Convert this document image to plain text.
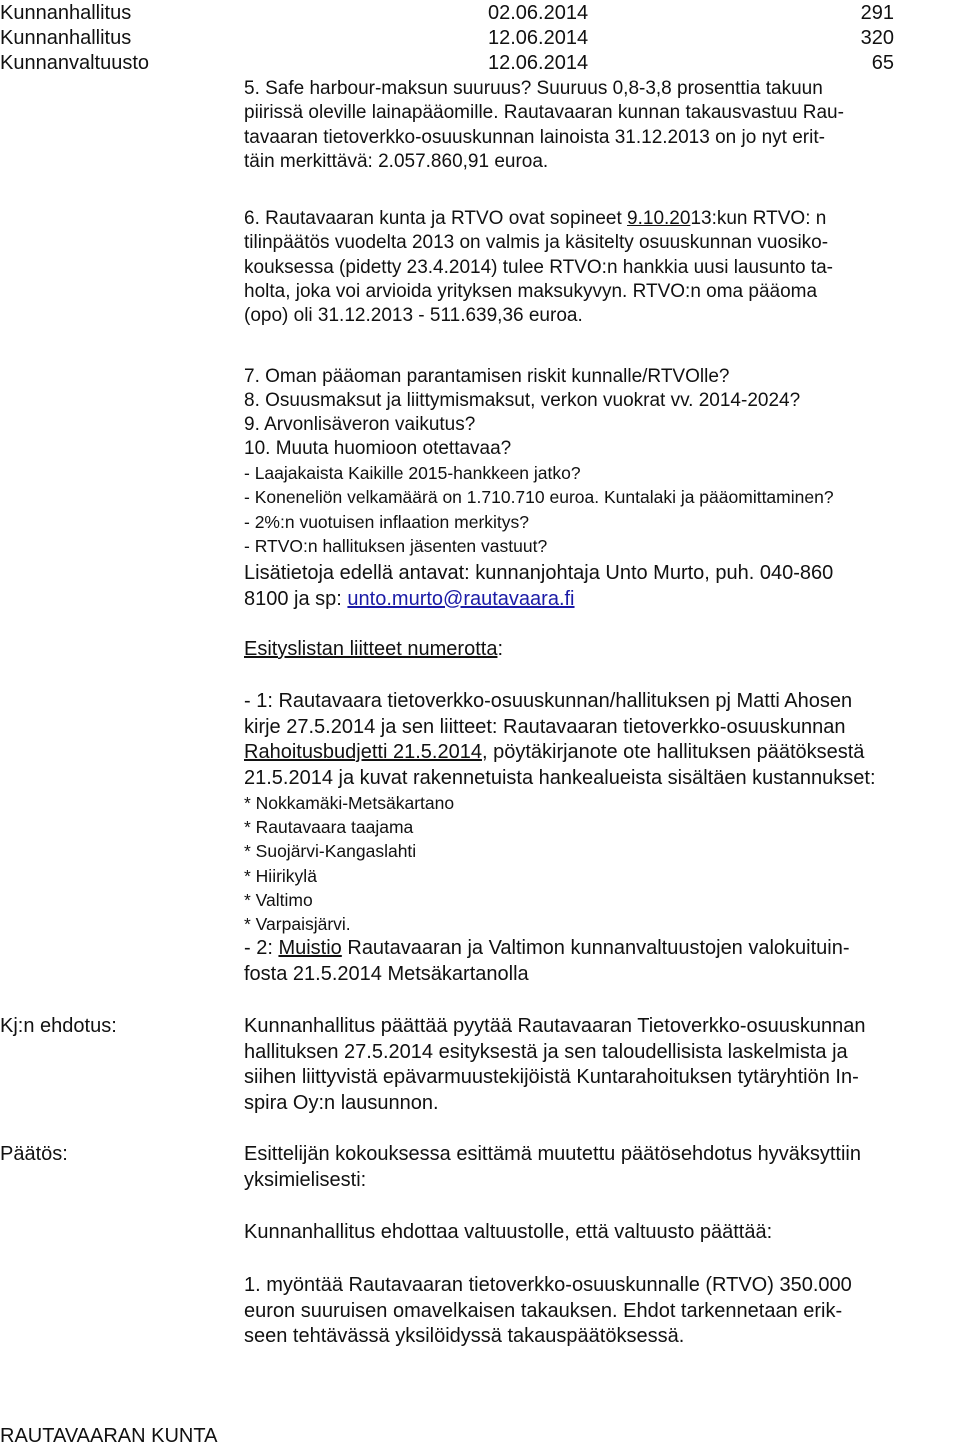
Kunnanhallitus	02.06.2014	291
Kunnanhallitus	12.06.2014	320
Kunnanvaltuusto	12.06.2014	65

5. Safe harbour-maksun suuruus? Suuruus 0,8-3,8 prosenttia takuun

piirissä oleville lainapääomille. Rautavaaran kunnan takausvastuu Rau-

tavaaran tietoverkko-osuuskunnan lainoista 31.12.2013 on jo nyt erit-

täin merkittävä: 2.057.860,91 euroa.

6. Rautavaaran kunta ja RTVO ovat sopineet 9.10.2013:kun RTVO: n

tilinpäätös vuodelta 2013 on valmis ja käsitelty osuuskunnan vuosiko-

kouksessa (pidetty 23.4.2014) tulee RTVO:n hankkia uusi lausunto ta-

holta, joka voi arvioida yrityksen maksukyvyn. RTVO:n oma pääoma

(opo) oli 31.12.2013 - 511.639,36 euroa.

7. Oman pääoman parantamisen riskit kunnalle/RTVOlle?
8. Osuusmaksut ja liittymismaksut, verkon vuokrat vv. 2014-2024?
9. Arvonlisäveron vaikutus?
10. Muuta huomioon otettavaa?

- Laajakaista Kaikille 2015-hankkeen jatko?

- Koneneliön velkamäärä on 1.710.710 euroa. Kuntalaki ja pääomittaminen?

- 2%:n vuotuisen inflaation merkitys?

- RTVO:n hallituksen jäsenten vastuut?

Lisätietoja edellä antavat: kunnanjohtaja Unto Murto, puh. 040-860

8100 ja sp: unto.murto@rautavaara.fi

Esityslistan liitteet numerotta:

- 1: Rautavaara tietoverkko-osuuskunnan/hallituksen pj Matti Ahosen

kirje 27.5.2014 ja sen liitteet: Rautavaaran tietoverkko-osuuskunnan

Rahoitusbudjetti 21.5.2014, pöytäkirjanote ote hallituksen päätöksestä

21.5.2014 ja kuvat rakennetuista hankealueista sisältäen kustannukset:

* Nokkamäki-Metsäkartano

* Rautavaara taajama

* Suojärvi-Kangaslahti

* Hiirikylä

* Valtimo

* Varpaisjärvi.

- 2: Muistio Rautavaaran ja Valtimon kunnanvaltuustojen valokuituin-

fosta 21.5.2014 Metsäkartanolla

Kj:n ehdotus:	Kunnanhallitus päättää pyytää Rautavaaran Tietoverkko-osuuskunnan

hallituksen 27.5.2014 esityksestä ja sen taloudellisista laskelmista ja

siihen liittyvistä epävarmuustekijöistä Kuntarahoituksen tytäryhtiön In-

spira Oy:n lausunnon.

Päätös:	Esittelijän kokouksessa esittämä muutettu päätösehdotus hyväksyttiin

yksimielisesti:

Kunnanhallitus ehdottaa valtuustolle, että valtuusto päättää:

1. myöntää Rautavaaran tietoverkko-osuuskunnalle (RTVO) 350.000

euron suuruisen omavelkaisen takauksen. Ehdot tarkennetaan erik-

seen tehtävässä yksilöidyssä takauspäätöksessä.

RAUTAVAARAN KUNTA
